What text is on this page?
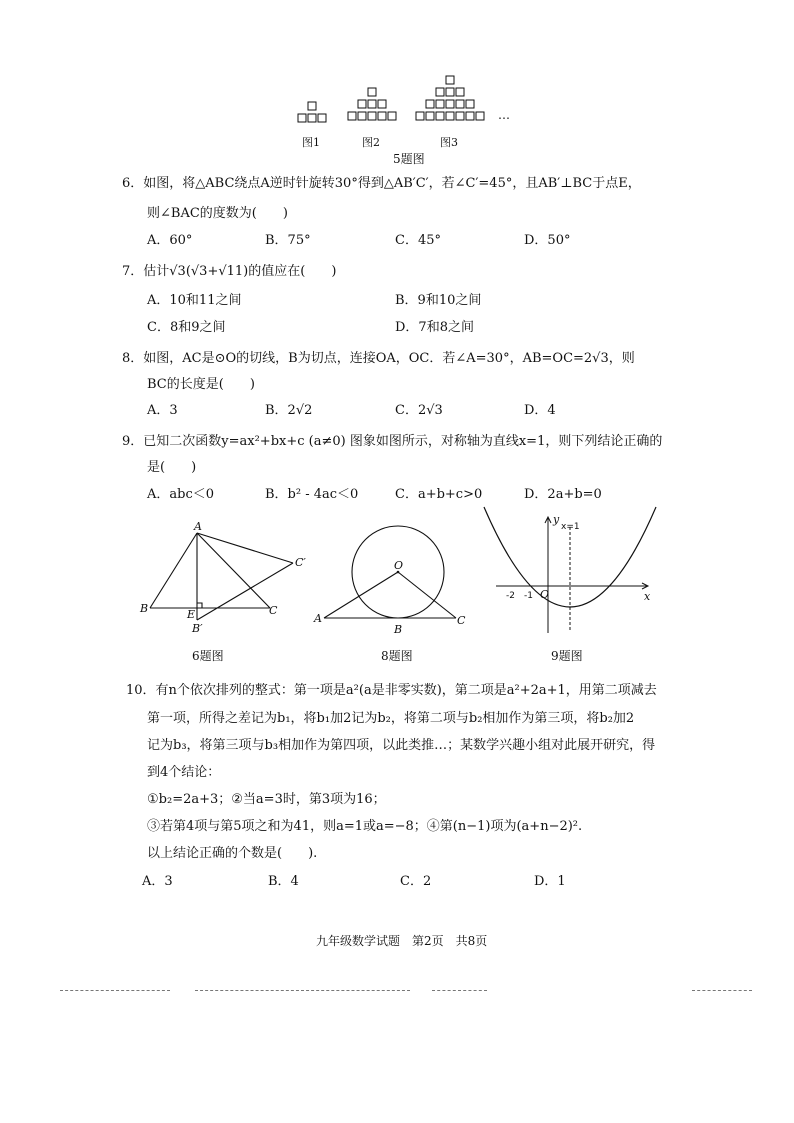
…
图1	图2	图3
5题图
6．如图，将△ABC绕点A逆时针旋转30°得到△AB′C′，若∠C′=45°，且AB′⊥BC于点E，
则∠BAC的度数为(　　)
A．60°	B．75°	C．45°	D．50°
7．估计√3(√3+√11)的值应在(　　)
A．10和11之间	B．9和10之间
C．8和9之间	D．7和8之间
8．如图，AC是⊙O的切线，B为切点，连接OA，OC．若∠A=30°，AB=OC=2√3，则
BC的长度是(　　)
A．3	B．2√2	C．2√3	D．4
9．已知二次函数y=ax²+bx+c (a≠0) 图象如图所示，对称轴为直线x=1，则下列结论正确的
是(　　)
A．abc＜0	B．b² - 4ac＜0	C．a+b+c>0	D．2a+b=0
A
B	C
C′
E
B′
6题图
O
A
B
C
8题图
y
x=1
-2 -1 O	x
9题图
10．有n个依次排列的整式：第一项是a²(a是非零实数)，第二项是a²+2a+1，用第二项减去
第一项，所得之差记为b₁，将b₁加2记为b₂，将第二项与b₂相加作为第三项，将b₂加2
记为b₃，将第三项与b₃相加作为第四项，以此类推…；某数学兴趣小组对此展开研究，得
到4个结论：
①b₂=2a+3；②当a=3时，第3项为16；
③若第4项与第5项之和为41，则a=1或a=−8；④第(n−1)项为(a+n−2)².
以上结论正确的个数是(　　).
A．3	B．4	C．2	D．1
九年级数学试题　第2页　共8页
